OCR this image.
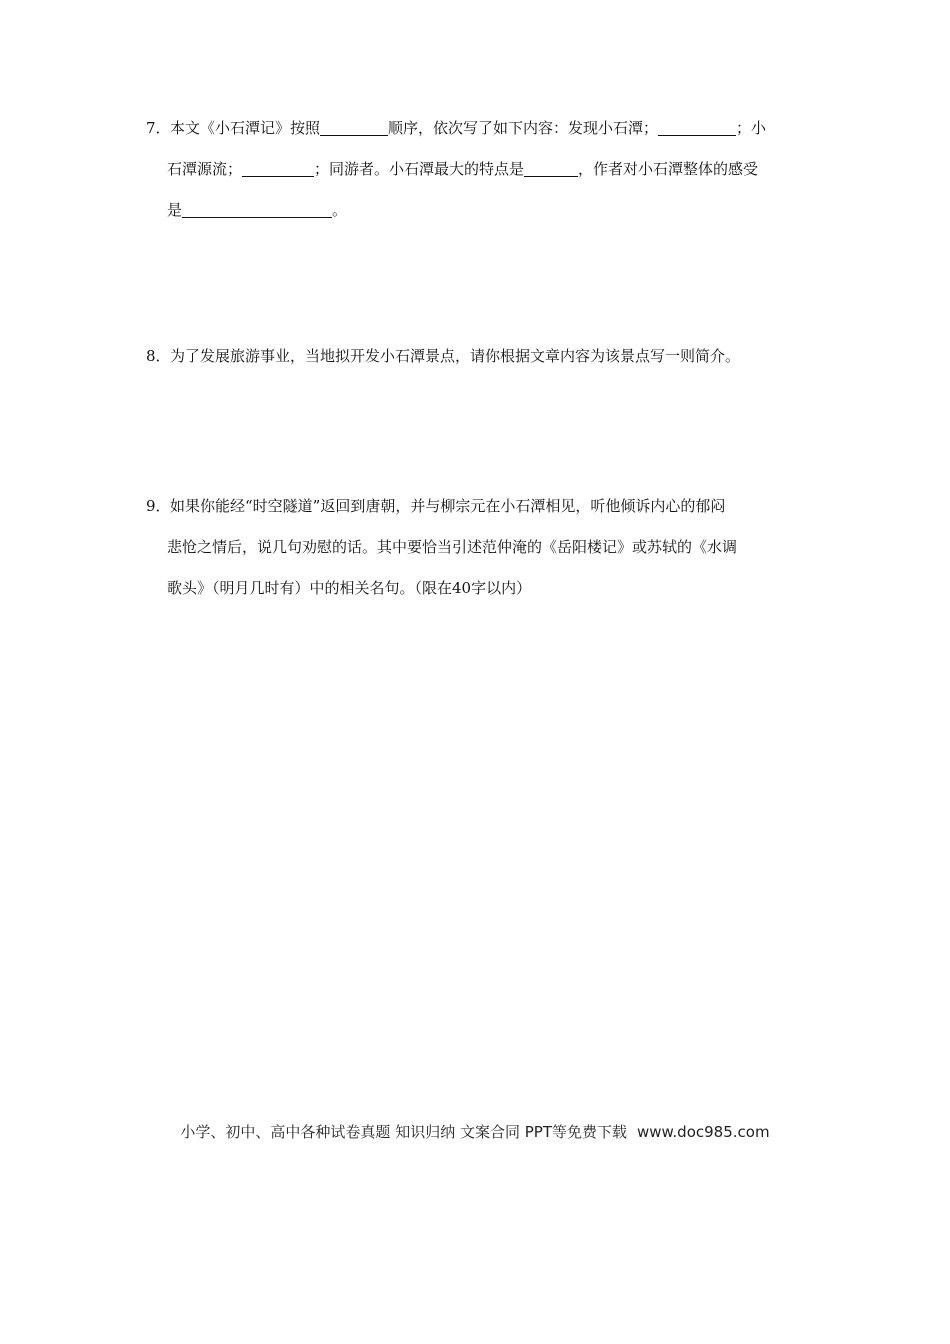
7．本文《小石潭记》按照	顺序，依次写了如下内容：发现小石潭；	；小
石潭源流；	；同游者。小石潭最大的特点是	，作者对小石潭整体的感受
是	。
8．为了发展旅游事业，当地拟开发小石潭景点，请你根据文章内容为该景点写一则简介。
9．如果你能经“时空隧道”返回到唐朝，并与柳宗元在小石潭相见，听他倾诉内心的郁闷
悲怆之情后，说几句劝慰的话。其中要恰当引述范仲淹的《岳阳楼记》或苏轼的《水调
歌头》（明月几时有）中的相关名句。（限在40字以内）
小学、初中、高中各种试卷真题 知识归纳 文案合同 PPT等免费下载 www.doc985.com
